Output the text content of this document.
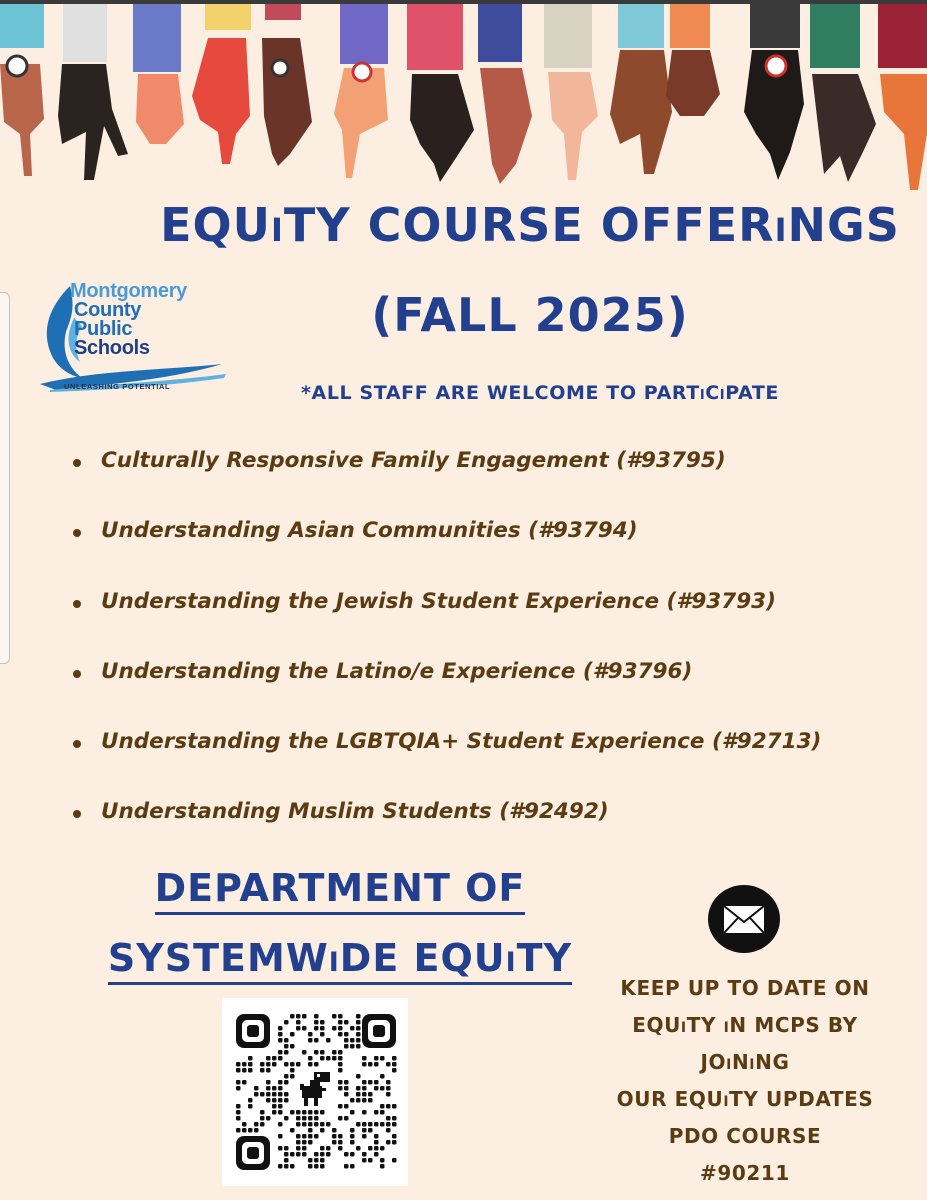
Montgomery
County
Public
Schools
UNLEASHING POTENTIAL
EQUiTY COURSE OFFERiNGS
(FALL 2025)
*ALL STAFF ARE WELCOME TO PARTiCiPATE
Culturally Responsive Family Engagement (#93795)
Understanding Asian Communities (#93794)
Understanding the Jewish Student Experience (#93793)
Understanding the Latino/e Experience (#93796)
Understanding the LGBTQIA+ Student Experience (#92713)
Understanding Muslim Students (#92492)
DEPARTMENT OF
SYSTEMWiDE EQUiTY
KEEP UP TO DATE ON
EQUiTY iN MCPS BY
JOiNiNG
OUR EQUiTY UPDATES
PDO COURSE
#90211
